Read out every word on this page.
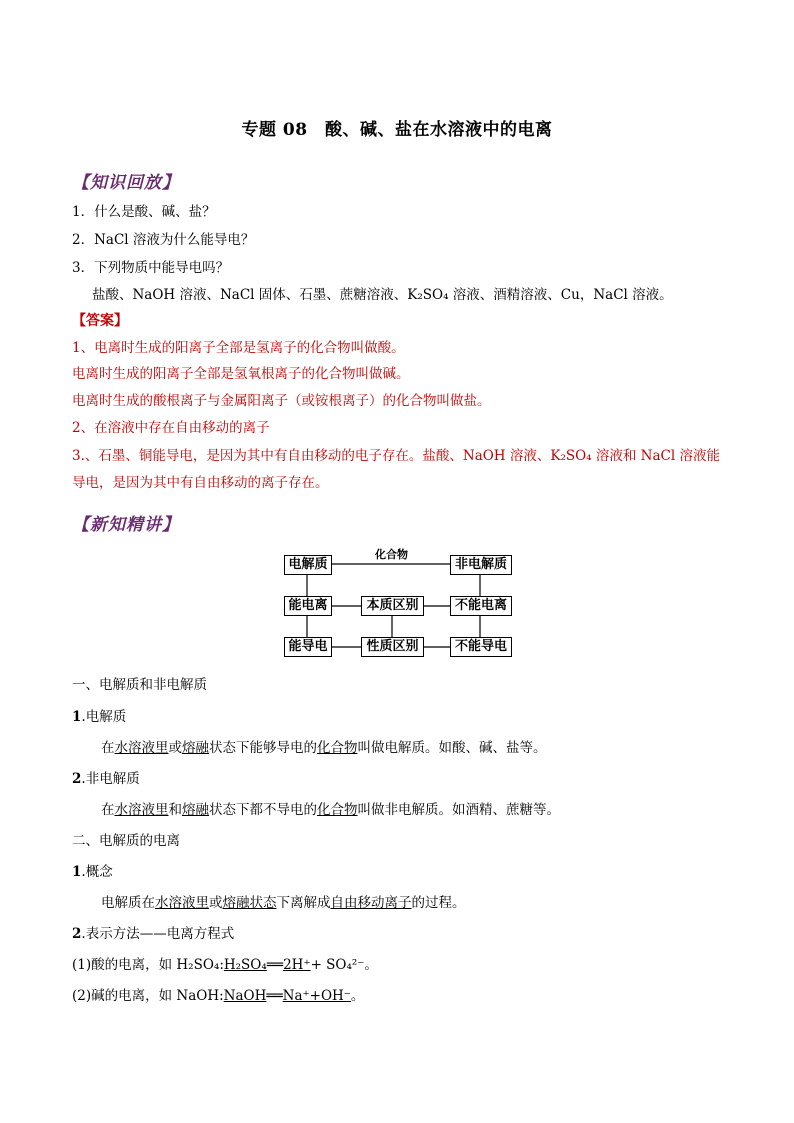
专题 08　酸、碱、盐在水溶液中的电离
【知识回放】
1．什么是酸、碱、盐？
2．NaCl 溶液为什么能导电？
3．下列物质中能导电吗？
盐酸、NaOH 溶液、NaCl 固体、石墨、蔗糖溶液、K₂SO₄ 溶液、酒精溶液、Cu，NaCl 溶液。
【答案】
1、电离时生成的阳离子全部是氢离子的化合物叫做酸。
电离时生成的阳离子全部是氢氧根离子的化合物叫做碱。
电离时生成的酸根离子与金属阳离子（或铵根离子）的化合物叫做盐。
2、在溶液中存在自由移动的离子
3.、石墨、铜能导电，是因为其中有自由移动的电子存在。盐酸、NaOH 溶液、K₂SO₄ 溶液和 NaCl 溶液能
导电，是因为其中有自由移动的离子存在。
【新知精讲】
化合物
电解质	非电解质
能电离	本质区别	不能电离
能导电	性质区别	不能导电
一、电解质和非电解质
1.电解质
在水溶液里或熔融状态下能够导电的化合物叫做电解质。如酸、碱、盐等。
2.非电解质
在水溶液里和熔融状态下都不导电的化合物叫做非电解质。如酒精、蔗糖等。
二、电解质的电离
1.概念
电解质在水溶液里或熔融状态下离解成自由移动离子的过程。
2.表示方法——电离方程式
(1)酸的电离，如 H₂SO₄:H₂SO₄══2H⁺+ SO₄²⁻。
(2)碱的电离，如 NaOH:NaOH══Na⁺+OH⁻。
